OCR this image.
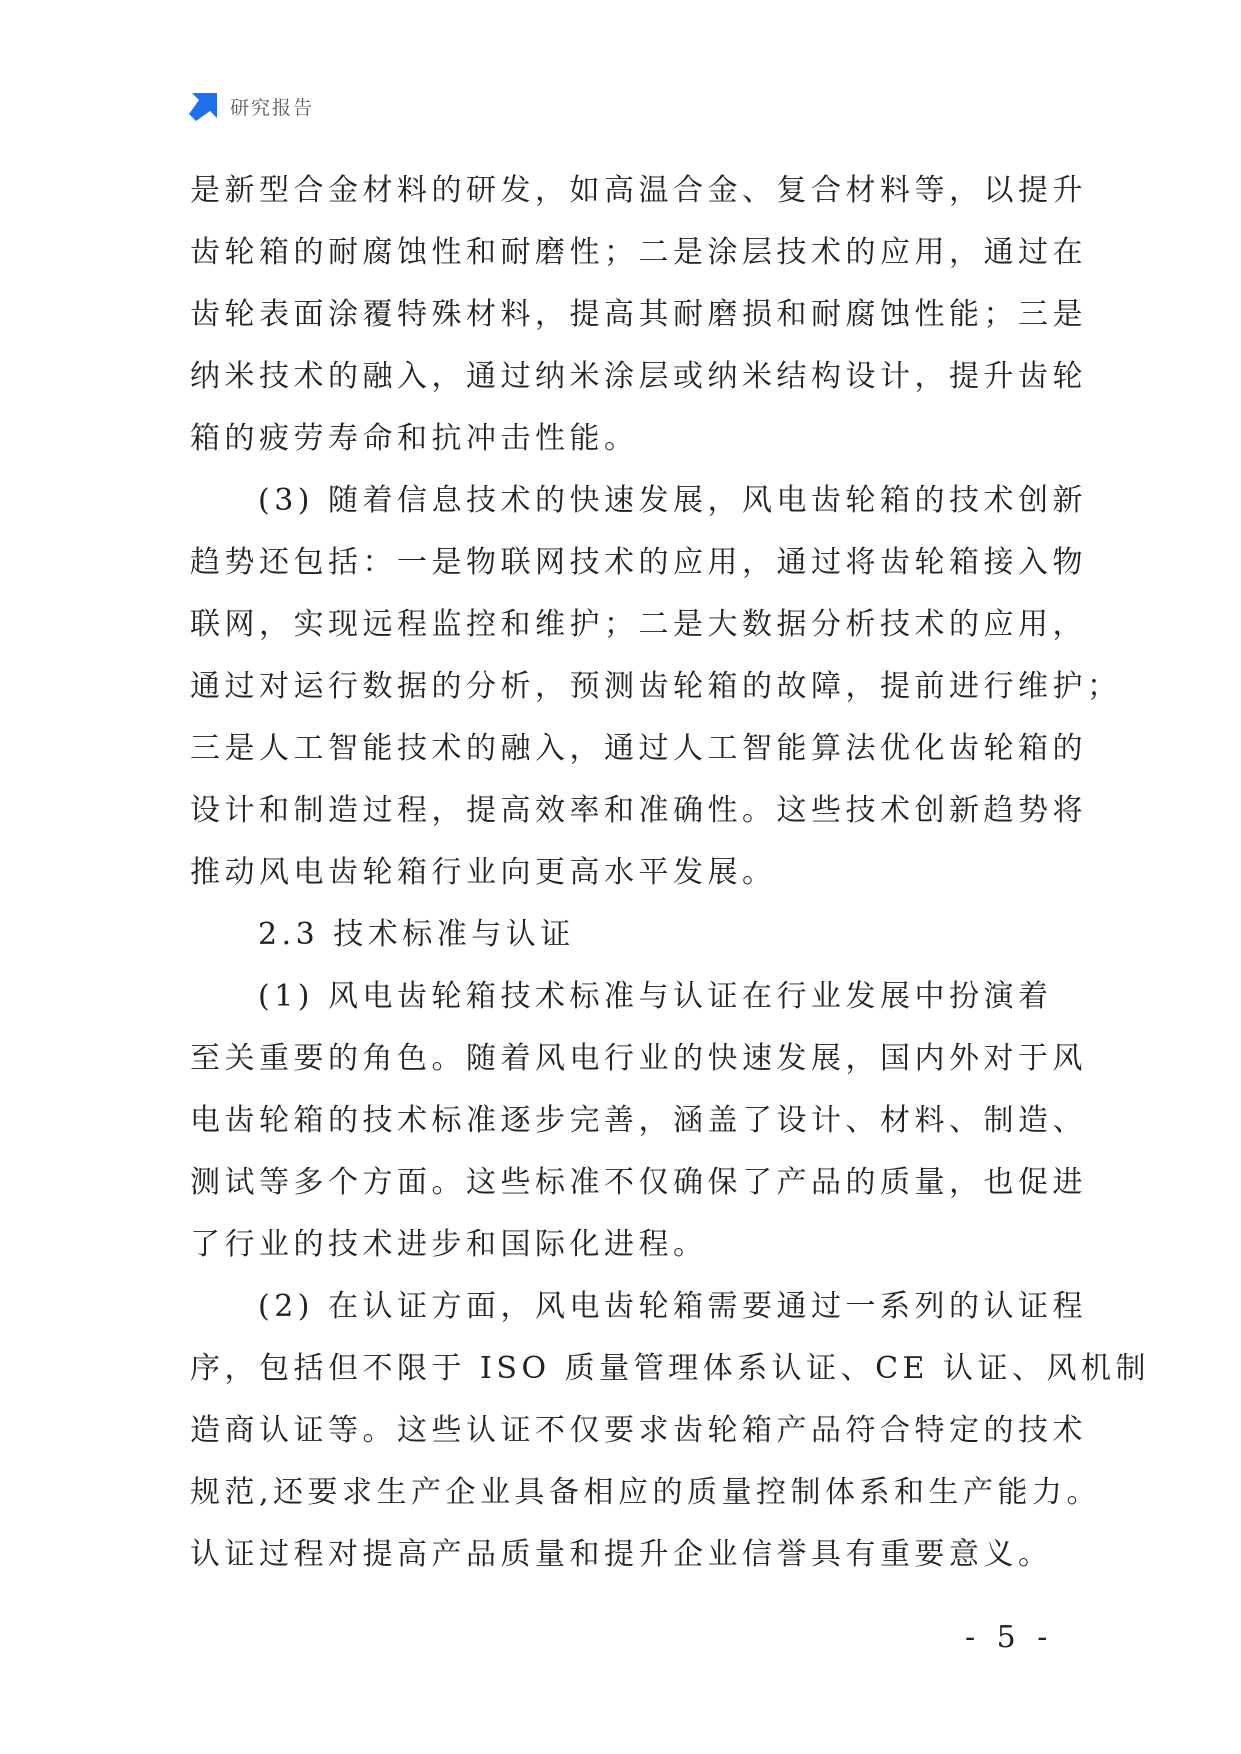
研究报告
是新型合金材料的研发，如高温合金、复合材料等，以提升
齿轮箱的耐腐蚀性和耐磨性；二是涂层技术的应用，通过在
齿轮表面涂覆特殊材料，提高其耐磨损和耐腐蚀性能；三是
纳米技术的融入，通过纳米涂层或纳米结构设计，提升齿轮
箱的疲劳寿命和抗冲击性能。
(3) 随着信息技术的快速发展，风电齿轮箱的技术创新
趋势还包括：一是物联网技术的应用，通过将齿轮箱接入物
联网，实现远程监控和维护；二是大数据分析技术的应用，
通过对运行数据的分析，预测齿轮箱的故障，提前进行维护；
三是人工智能技术的融入，通过人工智能算法优化齿轮箱的
设计和制造过程，提高效率和准确性。这些技术创新趋势将
推动风电齿轮箱行业向更高水平发展。
2.3 技术标准与认证
(1) 风电齿轮箱技术标准与认证在行业发展中扮演着
至关重要的角色。随着风电行业的快速发展，国内外对于风
电齿轮箱的技术标准逐步完善，涵盖了设计、材料、制造、
测试等多个方面。这些标准不仅确保了产品的质量，也促进
了行业的技术进步和国际化进程。
(2) 在认证方面，风电齿轮箱需要通过一系列的认证程
序，包括但不限于 ISO 质量管理体系认证、CE 认证、风机制
造商认证等。这些认证不仅要求齿轮箱产品符合特定的技术
规范,还要求生产企业具备相应的质量控制体系和生产能力。
认证过程对提高产品质量和提升企业信誉具有重要意义。
- 5 -
